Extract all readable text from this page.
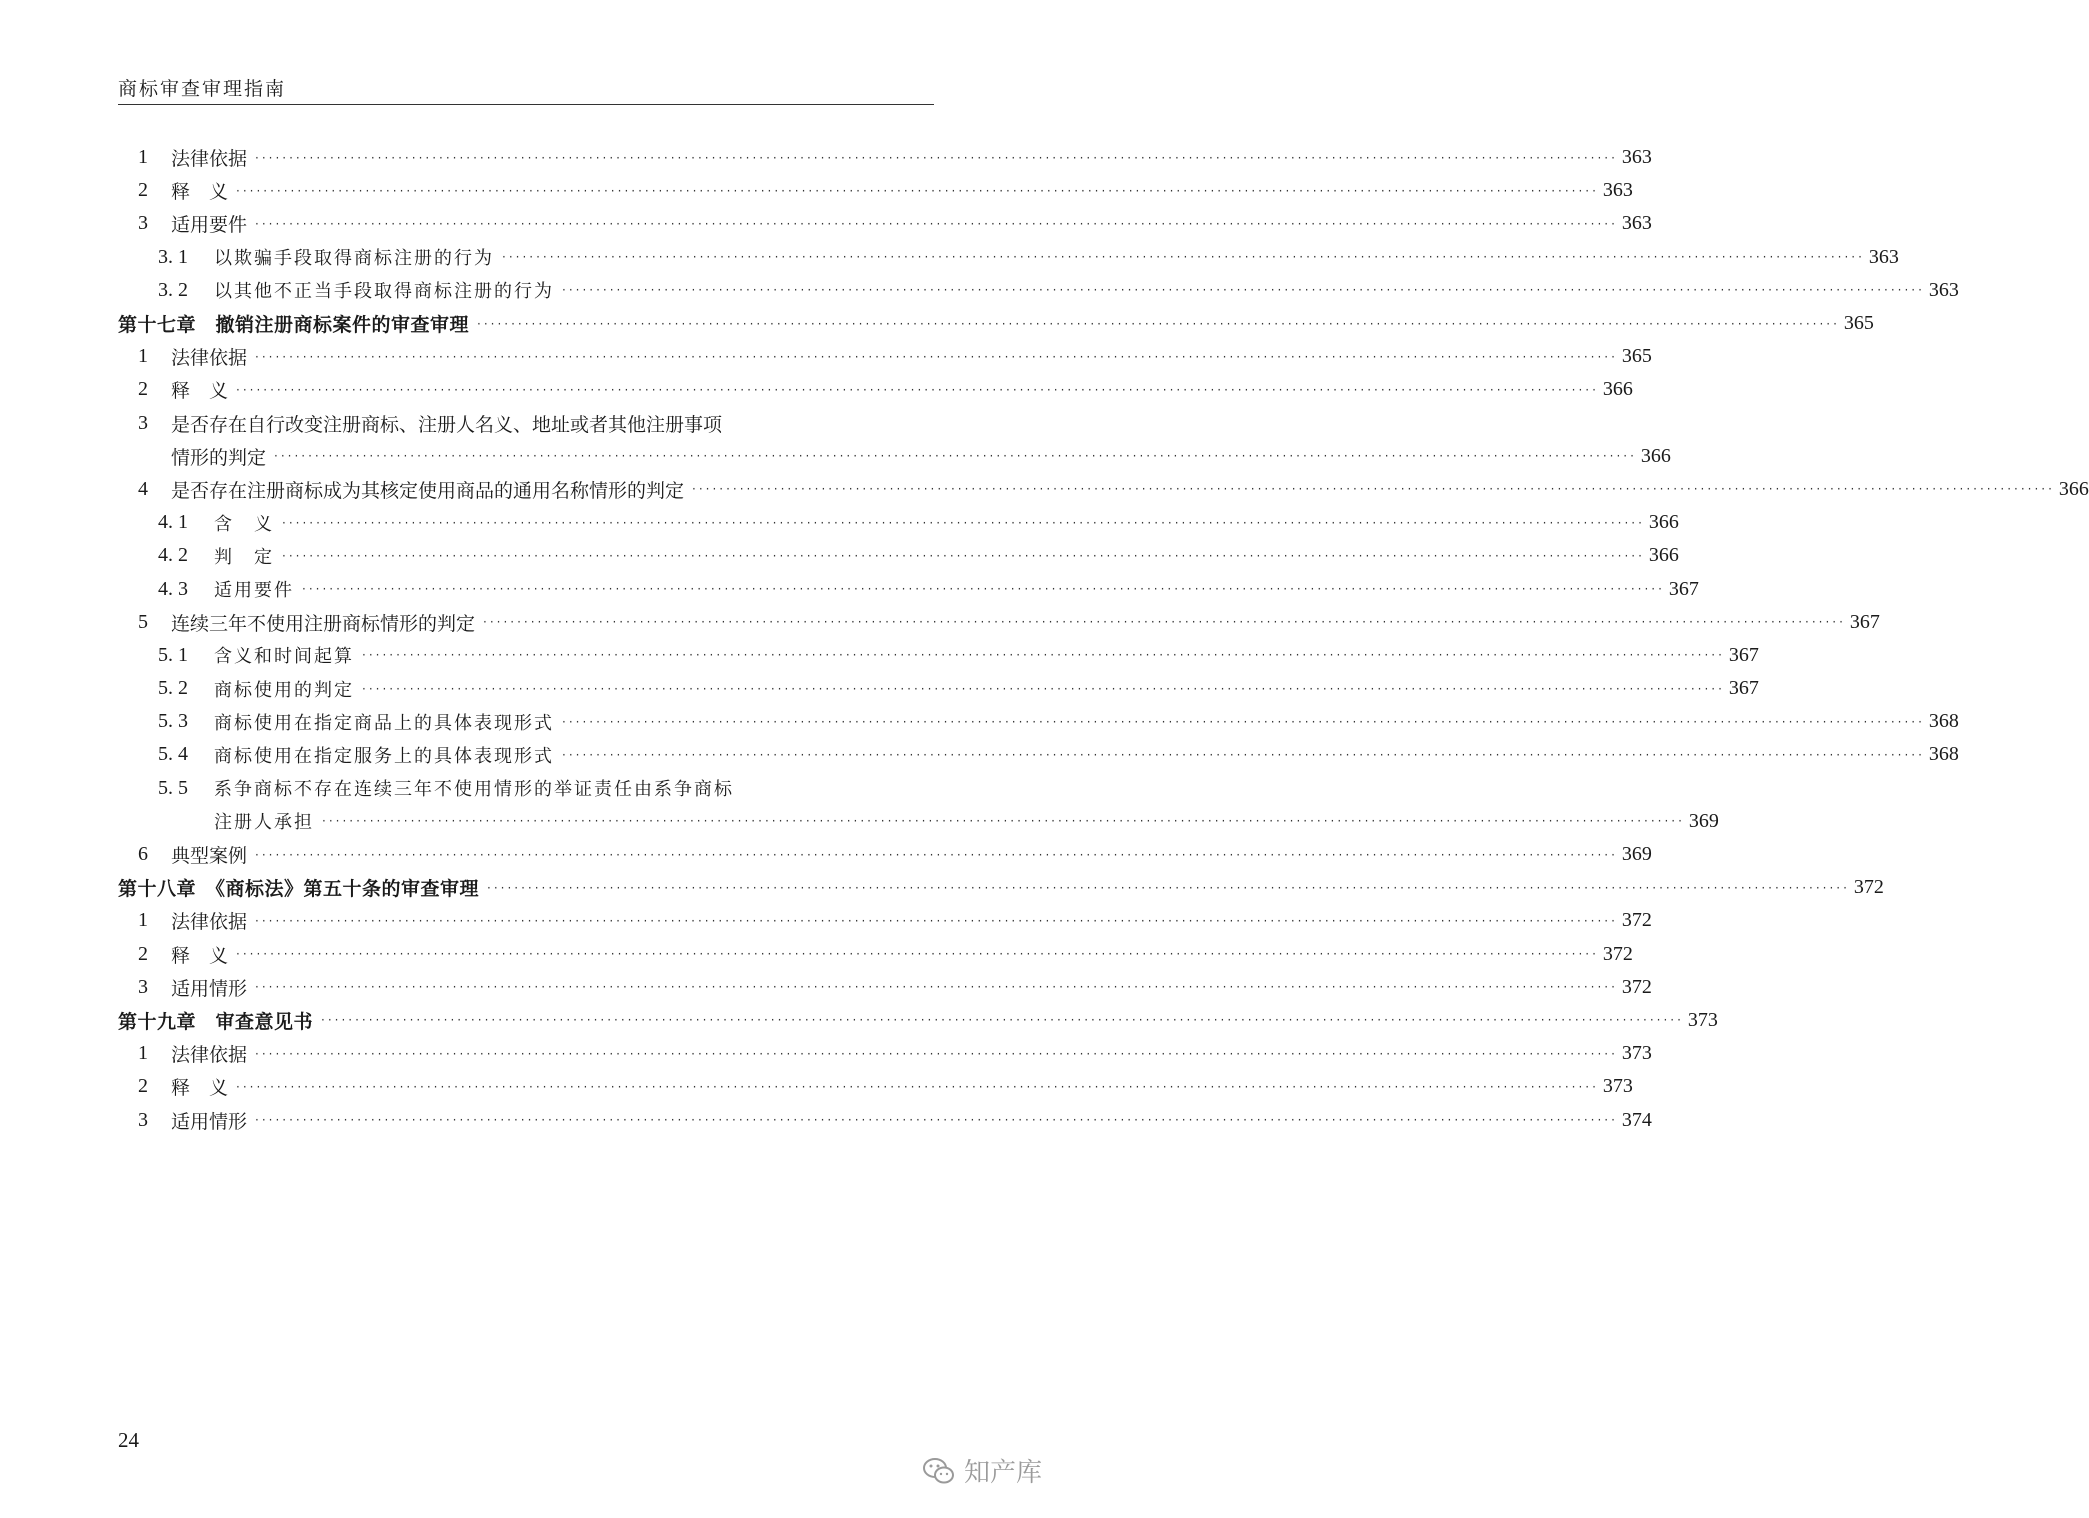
商标审查审理指南
1	法律依据 ········································································································································································································ 363
2	释　义 ········································································································································································································ 363
3	适用要件 ········································································································································································································ 363
3. 1	以欺骗手段取得商标注册的行为 ········································································································································································································ 363
3. 2	以其他不正当手段取得商标注册的行为 ········································································································································································································ 363
第十七章　撤销注册商标案件的审查审理 ········································································································································································································ 365
1	法律依据 ········································································································································································································ 365
2	释　义 ········································································································································································································ 366
3	是否存在自行改变注册商标、注册人名义、地址或者其他注册事项
情形的判定 ········································································································································································································ 366
4	是否存在注册商标成为其核定使用商品的通用名称情形的判定 ········································································································································································································ 366
4. 1	含　义 ········································································································································································································ 366
4. 2	判　定 ········································································································································································································ 366
4. 3	适用要件 ········································································································································································································ 367
5	连续三年不使用注册商标情形的判定 ········································································································································································································ 367
5. 1	含义和时间起算 ········································································································································································································ 367
5. 2	商标使用的判定 ········································································································································································································ 367
5. 3	商标使用在指定商品上的具体表现形式 ········································································································································································································ 368
5. 4	商标使用在指定服务上的具体表现形式 ········································································································································································································ 368
5. 5	系争商标不存在连续三年不使用情形的举证责任由系争商标
注册人承担 ········································································································································································································ 369
6	典型案例 ········································································································································································································ 369
第十八章　《商标法》第五十条的审查审理 ········································································································································································································ 372
1	法律依据 ········································································································································································································ 372
2	释　义 ········································································································································································································ 372
3	适用情形 ········································································································································································································ 372
第十九章　审查意见书 ········································································································································································································ 373
1	法律依据 ········································································································································································································ 373
2	释　义 ········································································································································································································ 373
3	适用情形 ········································································································································································································ 374
24
知产库
